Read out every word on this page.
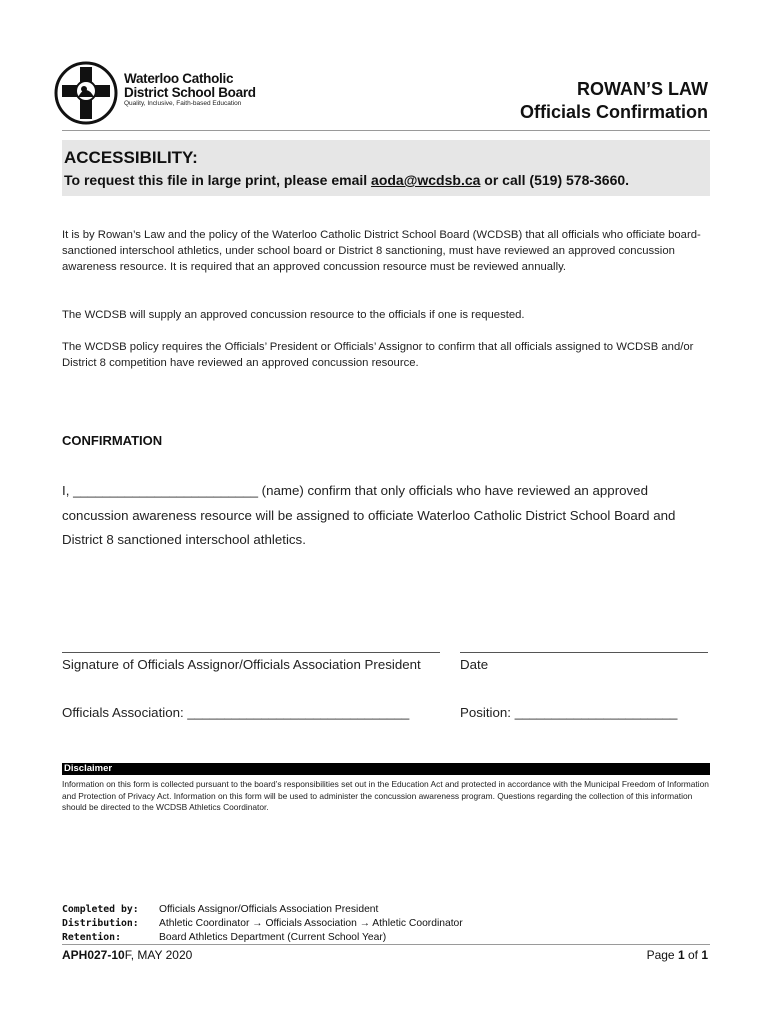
Waterloo Catholic
District School Board
Quality, Inclusive, Faith-based Education
ROWAN’S LAW
Officials Confirmation
ACCESSIBILITY:
To request this file in large print, please email aoda@wcdsb.ca or call (519) 578-3660.
It is by Rowan’s Law and the policy of the Waterloo Catholic District School Board (WCDSB) that all officials who officiate board-sanctioned interschool athletics, under school board or District 8 sanctioning, must have reviewed an approved concussion awareness resource. It is required that an approved concussion resource must be reviewed annually.
The WCDSB will supply an approved concussion resource to the officials if one is requested.
The WCDSB policy requires the Officials’ President or Officials’ Assignor to confirm that all officials assigned to WCDSB and/or District 8 competition have reviewed an approved concussion resource.
CONFIRMATION
I, _________________________ (name) confirm that only officials who have reviewed an approved
concussion awareness resource will be assigned to officiate Waterloo Catholic District School Board and
District 8 sanctioned interschool athletics.
Signature of Officials Assignor/Officials Association President	Date
Officials Association: ______________________________	Position: ______________________
Disclaimer
Information on this form is collected pursuant to the board’s responsibilities set out in the Education Act and protected in accordance with the Municipal Freedom of Information and Protection of Privacy Act. Information on this form will be used to administer the concussion awareness program. Questions regarding the collection of this information should be directed to the WCDSB Athletics Coordinator.
Completed by: Officials Assignor/Officials Association President
Distribution: Athletic Coordinator → Officials Association → Athletic Coordinator
Retention:	Board Athletics Department (Current School Year)
APH027-10F, MAY 2020	Page 1 of 1
